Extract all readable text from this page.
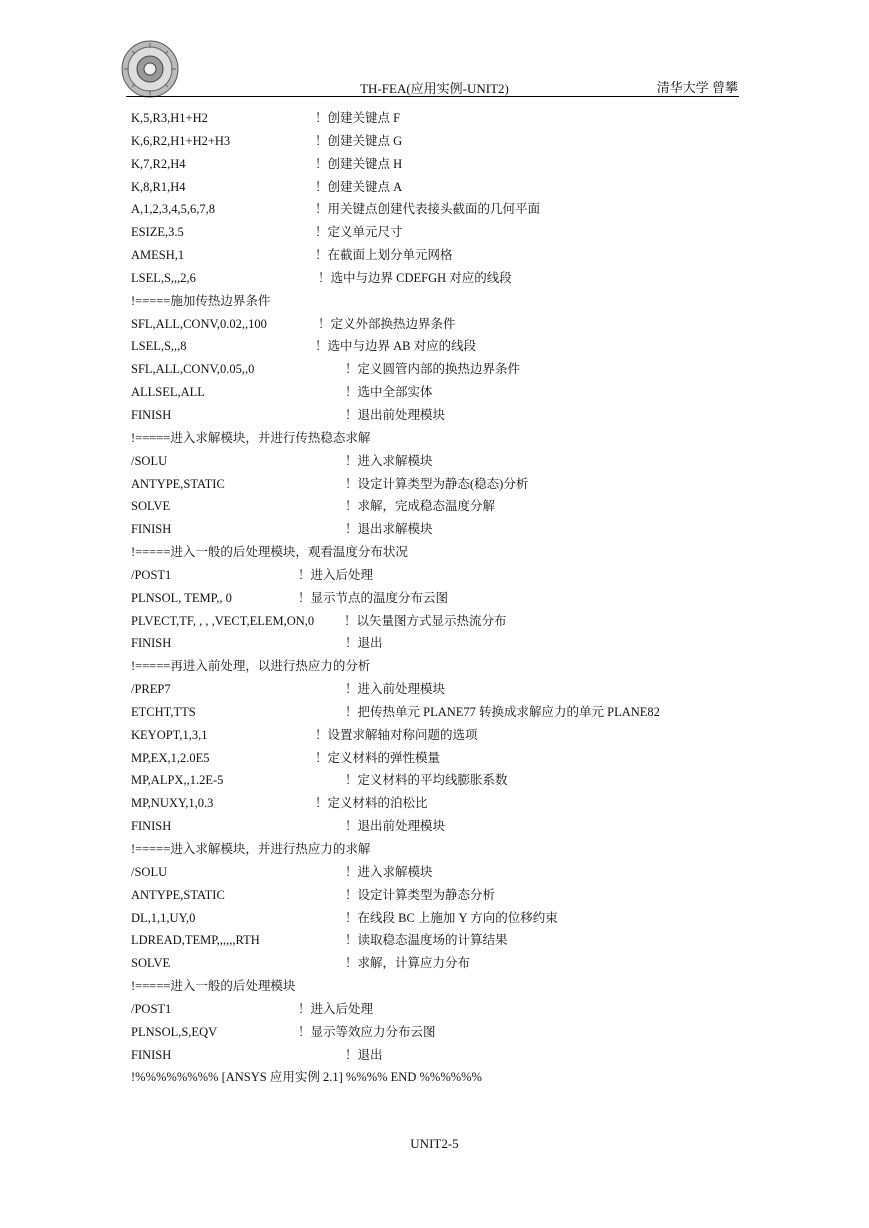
TH-FEA(应用实例-UNIT2)	清华大学 曾攀
K,5,R3,H1+H2	！创建关键点 F
K,6,R2,H1+H2+H3	！创建关键点 G
K,7,R2,H4	！创建关键点 H
K,8,R1,H4	！创建关键点 A
A,1,2,3,4,5,6,7,8	！用关键点创建代表接头截面的几何平面
ESIZE,3.5	！定义单元尺寸
AMESH,1	！在截面上划分单元网格
LSEL,S,,,2,6	！选中与边界 CDEFGH 对应的线段
!=====施加传热边界条件
SFL,ALL,CONV,0.02,,100	！定义外部换热边界条件
LSEL,S,,,8	！选中与边界 AB 对应的线段
SFL,ALL,CONV,0.05,,0	！定义圆管内部的换热边界条件
ALLSEL,ALL	！选中全部实体
FINISH	！退出前处理模块
!=====进入求解模块，并进行传热稳态求解
/SOLU	！进入求解模块
ANTYPE,STATIC	！设定计算类型为静态(稳态)分析
SOLVE	！求解，完成稳态温度分解
FINISH	！退出求解模块
!=====进入一般的后处理模块，观看温度分布状况
/POST1	！进入后处理
PLNSOL, TEMP,, 0	！显示节点的温度分布云图
PLVECT,TF, , , ,VECT,ELEM,ON,0 ！以矢量图方式显示热流分布
FINISH	！退出
!=====再进入前处理，以进行热应力的分析
/PREP7	！进入前处理模块
ETCHT,TTS	！把传热单元 PLANE77 转换成求解应力的单元 PLANE82
KEYOPT,1,3,1	！设置求解轴对称问题的选项
MP,EX,1,2.0E5	！定义材料的弹性模量
MP,ALPX,,1.2E-5	！定义材料的平均线膨胀系数
MP,NUXY,1,0.3	！定义材料的泊松比
FINISH	！退出前处理模块
!=====进入求解模块，并进行热应力的求解
/SOLU	！进入求解模块
ANTYPE,STATIC	！设定计算类型为静态分析
DL,1,1,UY,0	！在线段 BC 上施加 Y 方向的位移约束
LDREAD,TEMP,,,,,,RTH	！读取稳态温度场的计算结果
SOLVE	！求解，计算应力分布
!=====进入一般的后处理模块
/POST1	！进入后处理
PLNSOL,S,EQV	！显示等效应力分布云图
FINISH	！退出
!%%%%%%%% [ANSYS 应用实例 2.1] %%%% END %%%%%%
UNIT2-5
